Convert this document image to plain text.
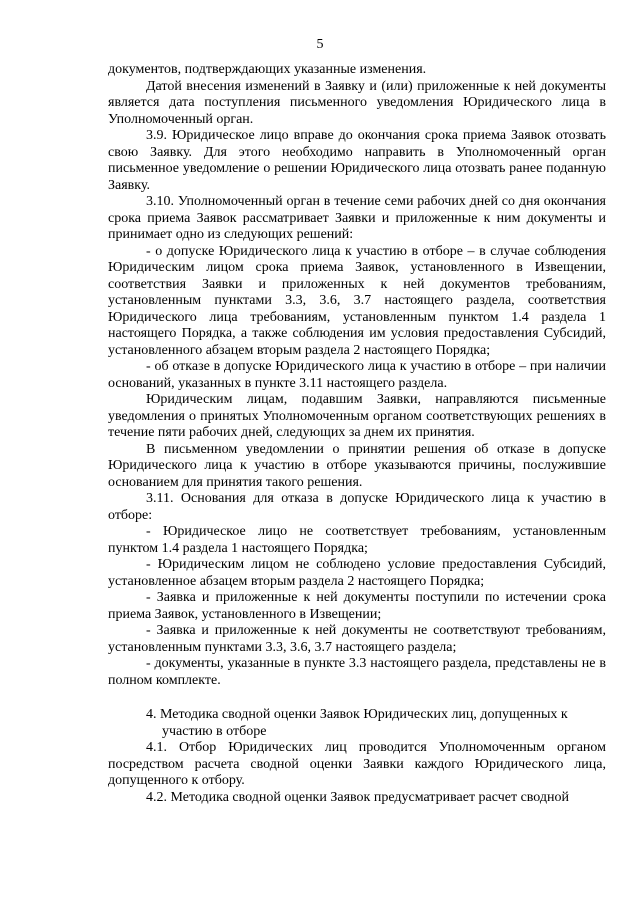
5

документов, подтверждающих указанные изменения.

Датой внесения изменений в Заявку и (или) приложенные к ней документы является дата поступления письменного уведомления Юридического лица в Уполномоченный орган.

3.9. Юридическое лицо вправе до окончания срока приема Заявок отозвать свою Заявку. Для этого необходимо направить в Уполномоченный орган письменное уведомление о решении Юридического лица отозвать ранее поданную Заявку.

3.10. Уполномоченный орган в течение семи рабочих дней со дня окончания срока приема Заявок рассматривает Заявки и приложенные к ним документы и принимает одно из следующих решений:

- о допуске Юридического лица к участию в отборе – в случае соблюдения Юридическим лицом срока приема Заявок, установленного в Извещении, соответствия Заявки и приложенных к ней документов требованиям, установленным пунктами 3.3, 3.6, 3.7 настоящего раздела, соответствия Юридического лица требованиям, установленным пунктом 1.4 раздела 1 настоящего Порядка, а также соблюдения им условия предоставления Субсидий, установленного абзацем вторым раздела 2 настоящего Порядка;

- об отказе в допуске Юридического лица к участию в отборе – при наличии оснований, указанных в пункте 3.11 настоящего раздела.

Юридическим лицам, подавшим Заявки, направляются письменные уведомления о принятых Уполномоченным органом соответствующих решениях в течение пяти рабочих дней, следующих за днем их принятия.

В письменном уведомлении о принятии решения об отказе в допуске Юридического лица к участию в отборе указываются причины, послужившие основанием для принятия такого решения.

3.11. Основания для отказа в допуске Юридического лица к участию в отборе:

- Юридическое лицо не соответствует требованиям, установленным пунктом 1.4 раздела 1 настоящего Порядка;

- Юридическим лицом не соблюдено условие предоставления Субсидий, установленное абзацем вторым раздела 2 настоящего Порядка;

- Заявка и приложенные к ней документы поступили по истечении срока приема Заявок, установленного в Извещении;

- Заявка и приложенные к ней документы не соответствуют требованиям, установленным пунктами 3.3, 3.6, 3.7 настоящего раздела;

- документы, указанные в пункте 3.3 настоящего раздела, представлены не в полном комплекте.

4. Методика сводной оценки Заявок Юридических лиц, допущенных к
участию в отборе

4.1. Отбор Юридических лиц проводится Уполномоченным органом посредством расчета сводной оценки Заявки каждого Юридического лица, допущенного к отбору.

4.2. Методика сводной оценки Заявок предусматривает расчет сводной
